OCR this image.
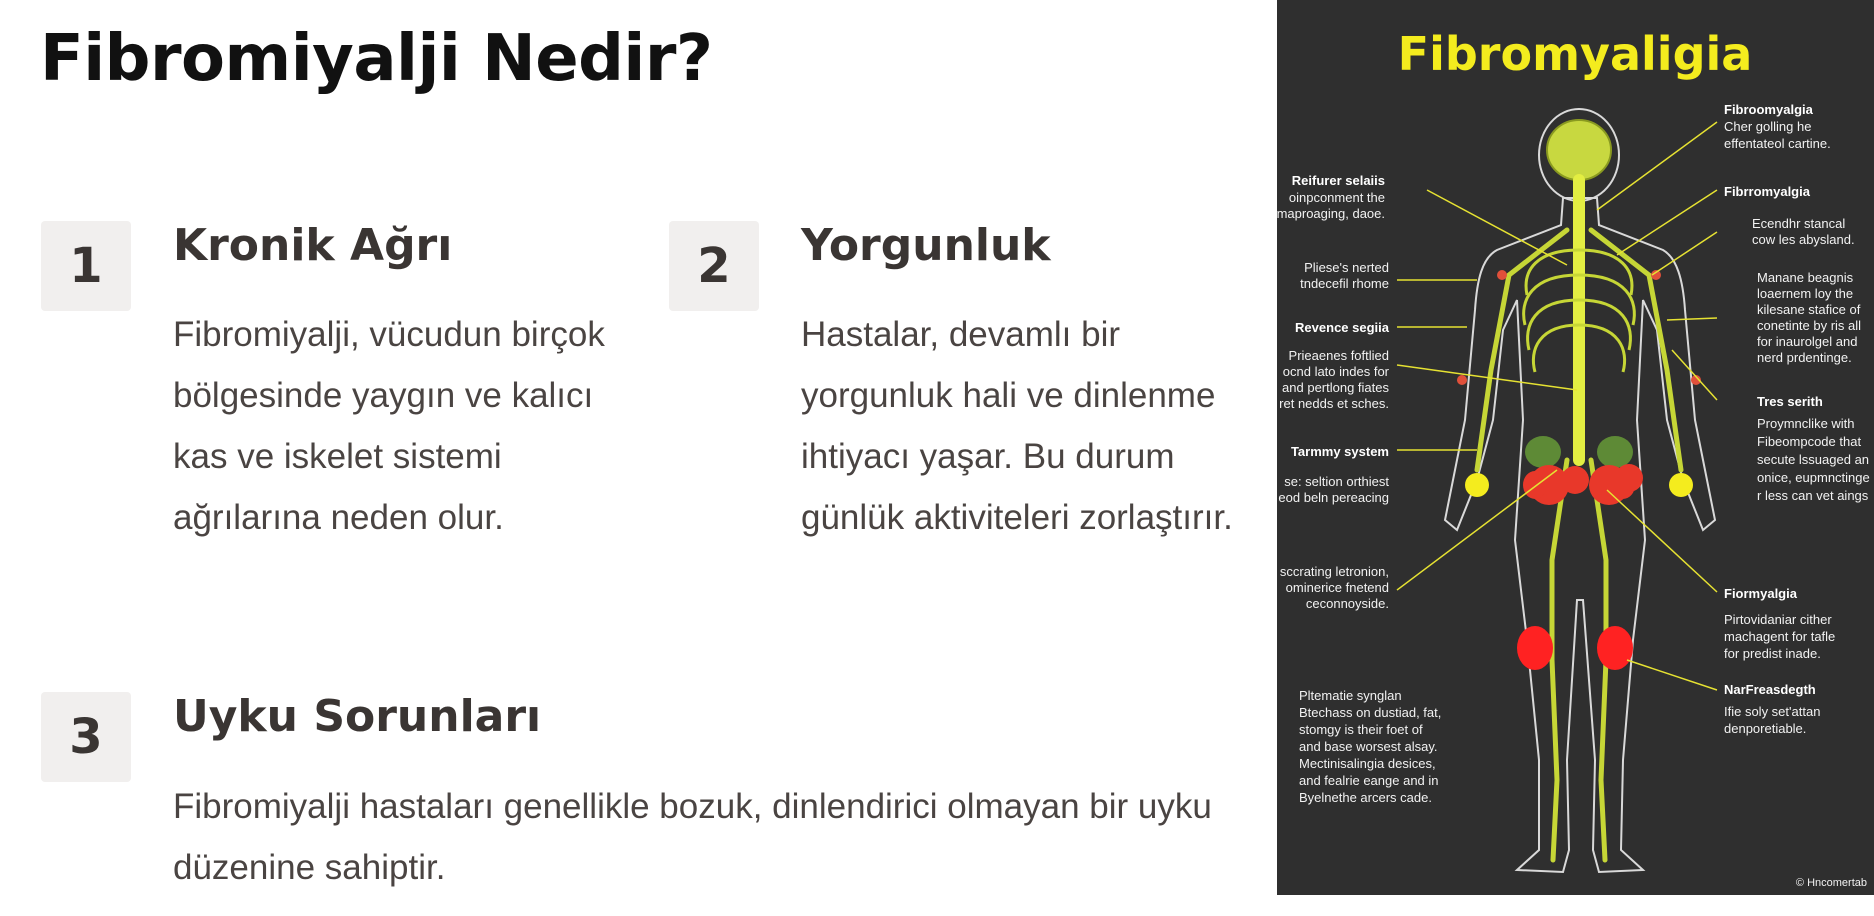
Fibromiyalji Nedir?
1	Kronik Ağrı

Fibromiyalji, vücudun birçok bölgesinde yaygın ve kalıcı kas ve iskelet sistemi ağrılarına neden olur.

2	Yorgunluk

Hastalar, devamlı bir yorgunluk hali ve dinlenme ihtiyacı yaşar. Bu durum günlük aktiviteleri zorlaştırır.

3	Uyku Sorunları

Fibromiyalji hastaları genellikle bozuk, dinlendirici olmayan bir uyku düzenine sahiptir.

Fibromyaligia
Reifurer selaiis
oinpconment the
maproaging, daoe.
Pliese's nerted
tndecefil rhome
Revence segiia
Prieaenes foftlied
ocnd lato indes for
and pertlong fiates
ret nedds et sches.
Tarmmy system
se: seltion orthiest
eod beln pereacing
sccrating letronion,
ominerice fnetend
ceconnoyside.
Pltematie synglan
Btechass on dustiad, fat,
stomgy is their foet of
and base worsest alsay.
Mectinisalingia desices,
and fealrie eange and in
Byelnethe arcers cade.
Fibroomyalgia
Cher golling he
effentateol cartine.
Fibrromyalgia
Ecendhr stancal
cow les abysland.
Manane beagnis
loaernem loy the
kilesane stafice of
conetinte by ris all
for inaurolgel and
nerd prdentinge.
Tres serith
Proymnclike with
Fibeompcode that
secute lssuaged an
onice, eupmnctinge
r less can vet aings
Fiormyalgia
Pirtovidaniar cither
machagent for tafle
for predist inade.
NarFreasdegth
Ifie soly set'attan
denporetiable.
© Hncomertab
